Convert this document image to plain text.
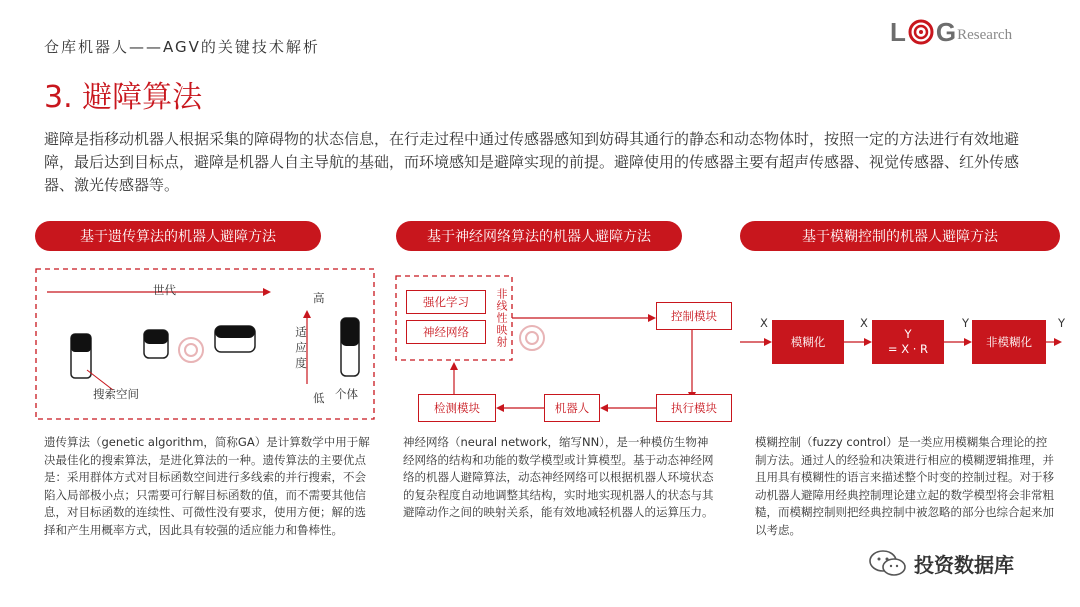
仓库机器人——AGV的关键技术解析
3. 避障算法
L G Research
避障是指移动机器人根据采集的障碍物的状态信息，在行走过程中通过传感器感知到妨碍其通行的静态和动态物体时，按照一定的方法进行有效地避障，最后达到目标点，避障是机器人自主导航的基础，而环境感知是避障实现的前提。避障使用的传感器主要有超声传感器、视觉传感器、红外传感器、激光传感器等。
基于遗传算法的机器人避障方法	基于神经网络算法的机器人避障方法	基于模糊控制的机器人避障方法
世代
搜索空间
高
低
适应度
个体
强化学习
神经网络	非线性映射	控制模块
执行模块
机器人
检测模块
X	X	Y	Y
模糊化
Y
= X · R
非模糊化
遗传算法（genetic algorithm，简称GA）是计算数学中用于解决最佳化的搜索算法，是进化算法的一种。遗传算法的主要优点是：采用群体方式对目标函数空间进行多线索的并行搜索，不会陷入局部极小点；只需要可行解目标函数的值，而不需要其他信息，对目标函数的连续性、可微性没有要求，使用方便；解的选择和产生用概率方式，因此具有较强的适应能力和鲁棒性。
神经网络（neural network，缩写NN），是一种模仿生物神经网络的结构和功能的数学模型或计算模型。基于动态神经网络的机器人避障算法，动态神经网络可以根据机器人环境状态的复杂程度自动地调整其结构，实时地实现机器人的状态与其避障动作之间的映射关系，能有效地减轻机器人的运算压力。
模糊控制（fuzzy control）是一类应用模糊集合理论的控制方法。通过人的经验和决策进行相应的模糊逻辑推理，并且用具有模糊性的语言来描述整个时变的控制过程。对于移动机器人避障用经典控制理论建立起的数学模型将会非常粗糙，而模糊控制则把经典控制中被忽略的部分也综合起来加以考虑。
投资数据库
